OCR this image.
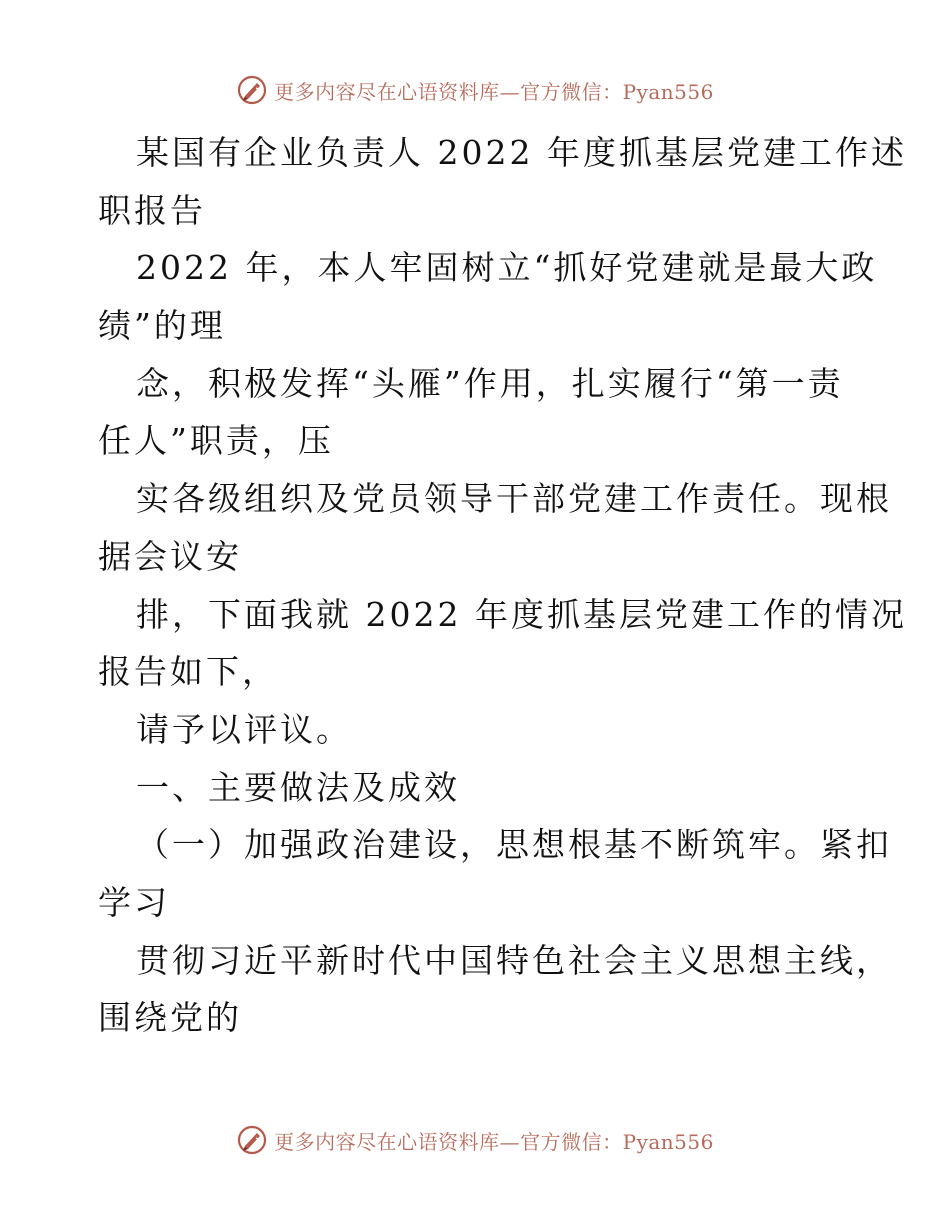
更多内容尽在心语资料库—官方微信：Pyan556
某国有企业负责人 2022 年度抓基层党建工作述
职报告
2022 年，本人牢固树立“抓好党建就是最大政
绩”的理
念，积极发挥“头雁”作用，扎实履行“第一责
任人”职责，压
实各级组织及党员领导干部党建工作责任。现根
据会议安
排，下面我就 2022 年度抓基层党建工作的情况
报告如下，
请予以评议。
一、主要做法及成效
（一）加强政治建设，思想根基不断筑牢。紧扣
学习
贯彻习近平新时代中国特色社会主义思想主线，
围绕党的
更多内容尽在心语资料库—官方微信：Pyan556
